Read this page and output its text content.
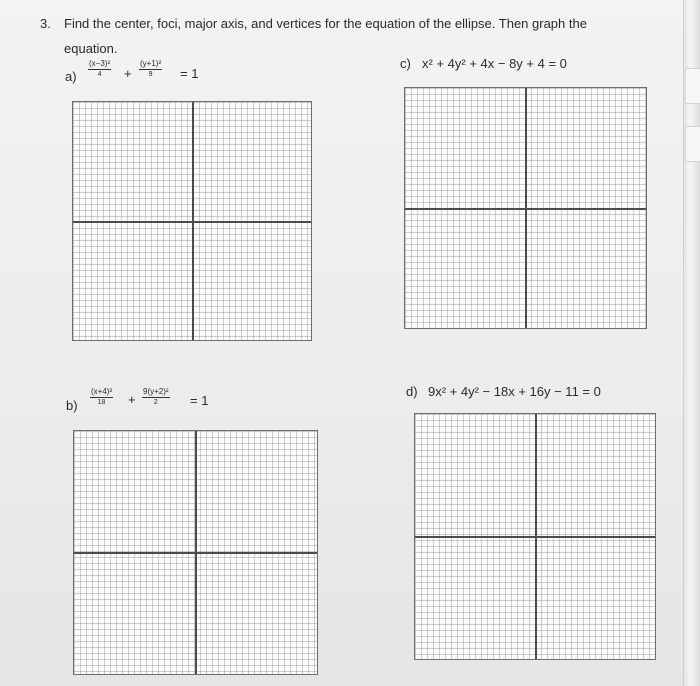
3. Find the center, foci, major axis, and vertices for the equation of the ellipse. Then graph the
equation.
$a) \frac{\text{(x−3)²}}{4} + \frac{\text{(y+1)²}}{9} = 1$
c) x² + 4y² + 4x − 8y + 4 = 0
$b) \frac{\text{(x+4)²}}{18} + \frac{\text{9(y+2)²}}{2} = 1$
d) 9x² + 4y² − 18x + 16y − 11 = 0
